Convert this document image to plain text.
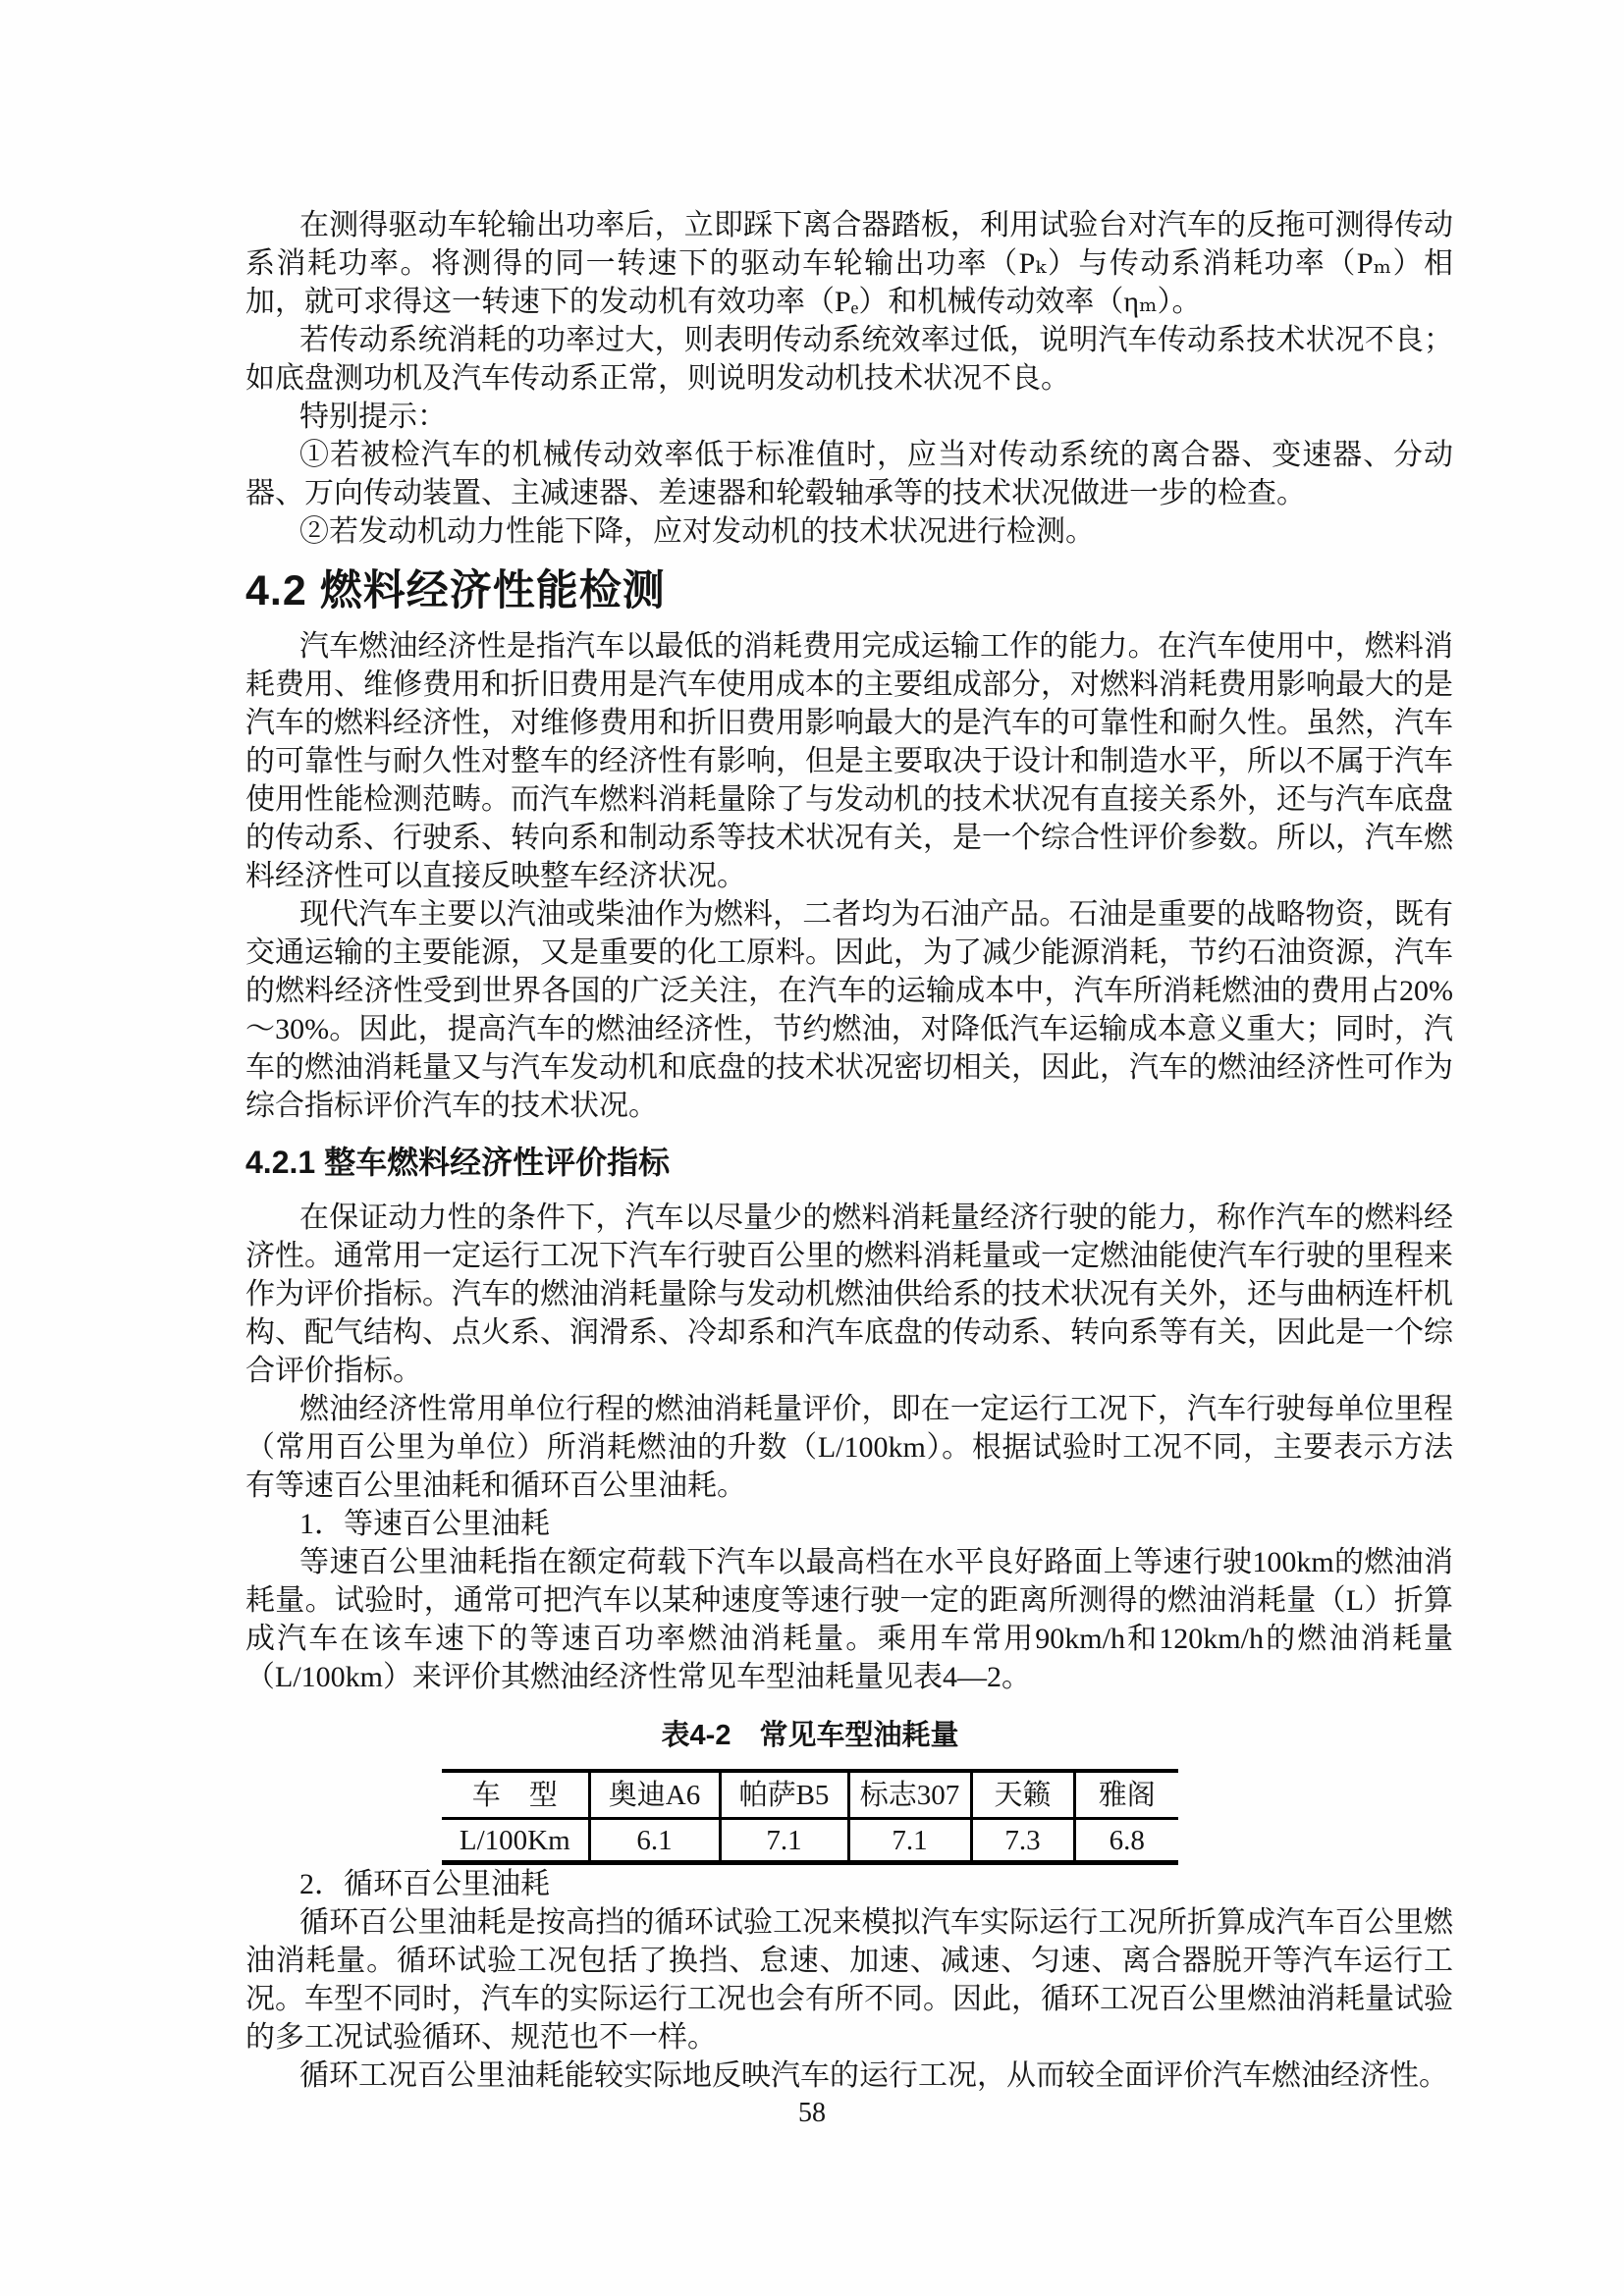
在测得驱动车轮输出功率后，立即踩下离合器踏板，利用试验台对汽车的反拖可测得传动系消耗功率。将测得的同一转速下的驱动车轮输出功率（Pₖ）与传动系消耗功率（Pₘ）相加，就可求得这一转速下的发动机有效功率（Pₑ）和机械传动效率（ηₘ）。

若传动系统消耗的功率过大，则表明传动系统效率过低，说明汽车传动系技术状况不良；如底盘测功机及汽车传动系正常，则说明发动机技术状况不良。

特别提示：

①若被检汽车的机械传动效率低于标准值时，应当对传动系统的离合器、变速器、分动器、万向传动装置、主减速器、差速器和轮毂轴承等的技术状况做进一步的检查。

②若发动机动力性能下降，应对发动机的技术状况进行检测。

4.2 燃料经济性能检测

汽车燃油经济性是指汽车以最低的消耗费用完成运输工作的能力。在汽车使用中，燃料消耗费用、维修费用和折旧费用是汽车使用成本的主要组成部分，对燃料消耗费用影响最大的是汽车的燃料经济性，对维修费用和折旧费用影响最大的是汽车的可靠性和耐久性。虽然，汽车的可靠性与耐久性对整车的经济性有影响，但是主要取决于设计和制造水平，所以不属于汽车使用性能检测范畴。而汽车燃料消耗量除了与发动机的技术状况有直接关系外，还与汽车底盘的传动系、行驶系、转向系和制动系等技术状况有关，是一个综合性评价参数。所以，汽车燃料经济性可以直接反映整车经济状况。

现代汽车主要以汽油或柴油作为燃料，二者均为石油产品。石油是重要的战略物资，既有交通运输的主要能源，又是重要的化工原料。因此，为了减少能源消耗，节约石油资源，汽车的燃料经济性受到世界各国的广泛关注，在汽车的运输成本中，汽车所消耗燃油的费用占20%～30%。因此，提高汽车的燃油经济性，节约燃油，对降低汽车运输成本意义重大；同时，汽车的燃油消耗量又与汽车发动机和底盘的技术状况密切相关，因此，汽车的燃油经济性可作为综合指标评价汽车的技术状况。

4.2.1 整车燃料经济性评价指标

在保证动力性的条件下，汽车以尽量少的燃料消耗量经济行驶的能力，称作汽车的燃料经济性。通常用一定运行工况下汽车行驶百公里的燃料消耗量或一定燃油能使汽车行驶的里程来作为评价指标。汽车的燃油消耗量除与发动机燃油供给系的技术状况有关外，还与曲柄连杆机构、配气结构、点火系、润滑系、冷却系和汽车底盘的传动系、转向系等有关，因此是一个综合评价指标。

燃油经济性常用单位行程的燃油消耗量评价，即在一定运行工况下，汽车行驶每单位里程（常用百公里为单位）所消耗燃油的升数（L/100km）。根据试验时工况不同，主要表示方法有等速百公里油耗和循环百公里油耗。

1．等速百公里油耗

等速百公里油耗指在额定荷载下汽车以最高档在水平良好路面上等速行驶100km的燃油消耗量。试验时，通常可把汽车以某种速度等速行驶一定的距离所测得的燃油消耗量（L）折算成汽车在该车速下的等速百功率燃油消耗量。乘用车常用90km/h和120km/h的燃油消耗量（L/100km）来评价其燃油经济性常见车型油耗量见表4—2。

表4-2　常见车型油耗量
车　型	奥迪A6	帕萨B5	标志307	天籁	雅阁
L/100Km	6.1	7.1	7.1	7.3	6.8

2．循环百公里油耗

循环百公里油耗是按高挡的循环试验工况来模拟汽车实际运行工况所折算成汽车百公里燃油消耗量。循环试验工况包括了换挡、怠速、加速、减速、匀速、离合器脱开等汽车运行工况。车型不同时，汽车的实际运行工况也会有所不同。因此，循环工况百公里燃油消耗量试验的多工况试验循环、规范也不一样。

循环工况百公里油耗能较实际地反映汽车的运行工况，从而较全面评价汽车燃油经济性。

58
